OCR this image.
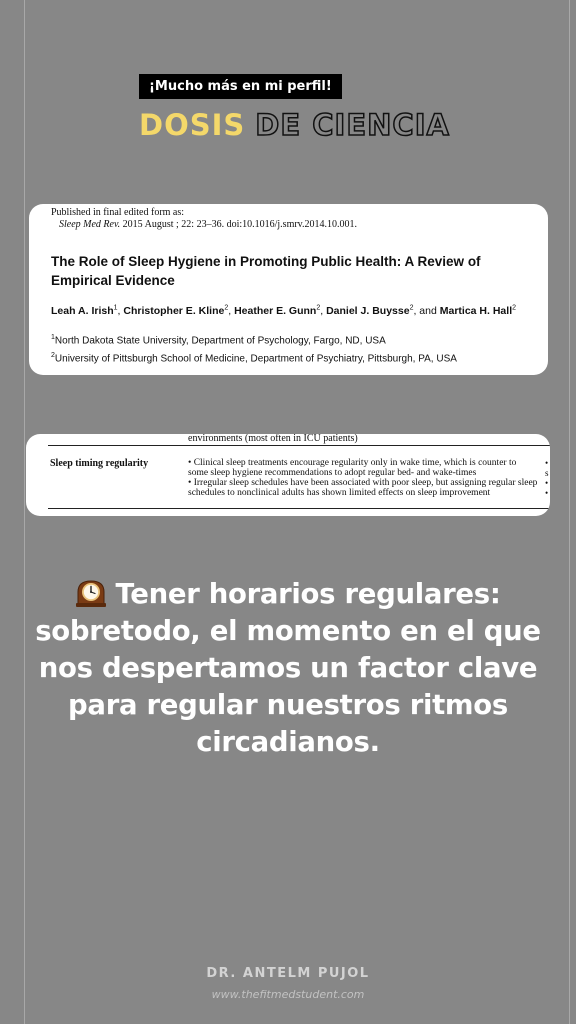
¡Mucho más en mi perfil!
DOSIS DE CIENCIA
Published in final edited form as:
Sleep Med Rev. 2015 August ; 22: 23–36. doi:10.1016/j.smrv.2014.10.001.
The Role of Sleep Hygiene in Promoting Public Health: A Review of Empirical Evidence
Leah A. Irish$^1$, Christopher E. Kline$^2$, Heather E. Gunn$^2$, Daniel J. Buysse$^2$, and Martica H. Hall$^2$
$^1$North Dakota State University, Department of Psychology, Fargo, ND, USA
$^2$University of Pittsburgh School of Medicine, Department of Psychiatry, Pittsburgh, PA, USA
environments (most often in ICU patients)
Sleep timing regularity	• Clinical sleep treatments encourage regularity only in wake time, which is counter to
some sleep hygiene recommendations to adopt regular bed- and wake-times
• Irregular sleep schedules have been associated with poor sleep, but assigning regular sleep
schedules to nonclinical adults has shown limited effects on sleep improvement
•
s
•
•
Tener horarios regulares: sobretodo, el momento en el que nos despertamos un factor clave para regular nuestros ritmos circadianos.
DR. ANTELM PUJOL
www.thefitmedstudent.com
